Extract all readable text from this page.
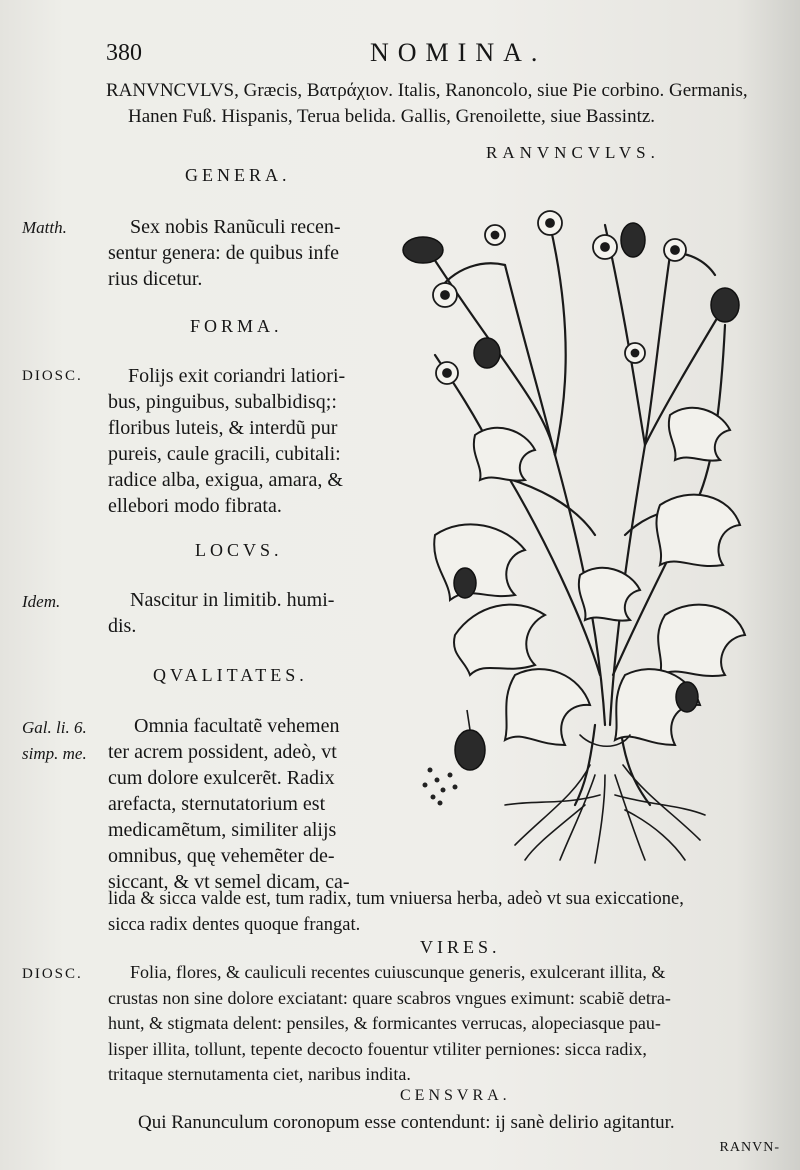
380	NOMINA.
RANVNCVLVS, Græcis, Βατράχιον. Italis, Ranoncolo, siue Pie corbino. Germanis,
Hanen Fuß. Hispanis, Terua belida. Gallis, Grenoilette, siue Bassintz.
RANVNCVLVS.
GENERA.
Matth.	Sex nobis Ranũculi recen-
sentur genera: de quibus infe
rius dicetur.
FORMA.
DIOSC.	Folijs exit coriandri latiori-
bus, pinguibus, subalbidisq;:
floribus luteis, & interdũ pur
pureis, caule gracili, cubitali:
radice alba, exigua, amara, &
ellebori modo fibrata.
LOCVS.
Idem.	Nascitur in limitib. humi-
dis.
QVALITATES.
Gal. li. 6.
simp. me.
Omnia facultatẽ vehemen
ter acrem possident, adeò, vt
cum dolore exulcerẽt. Radix
arefacta, sternutatorium est
medicamẽtum, similiter alijs
omnibus, quę vehemẽter de-
siccant, & vt semel dicam, ca-
lida & sicca valde est, tum radix, tum vniuersa herba, adeò vt sua exiccatione,
sicca radix dentes quoque frangat.
VIRES.
DIOSC.	Folia, flores, & cauliculi recentes cuiuscunque generis, exulcerant illita, &
crustas non sine dolore exciatant: quare scabros vngues eximunt: scabiẽ detra-
hunt, & stigmata delent: pensiles, & formicantes verrucas, alopeciasque pau-
lisper illita, tollunt, tepente decocto fouentur vtiliter perniones: sicca radix,
tritaque sternutamenta ciet, naribus indita.
CENSVRA.
Qui Ranunculum coronopum esse contendunt: ij sanè delirio agitantur.
RANVN-
